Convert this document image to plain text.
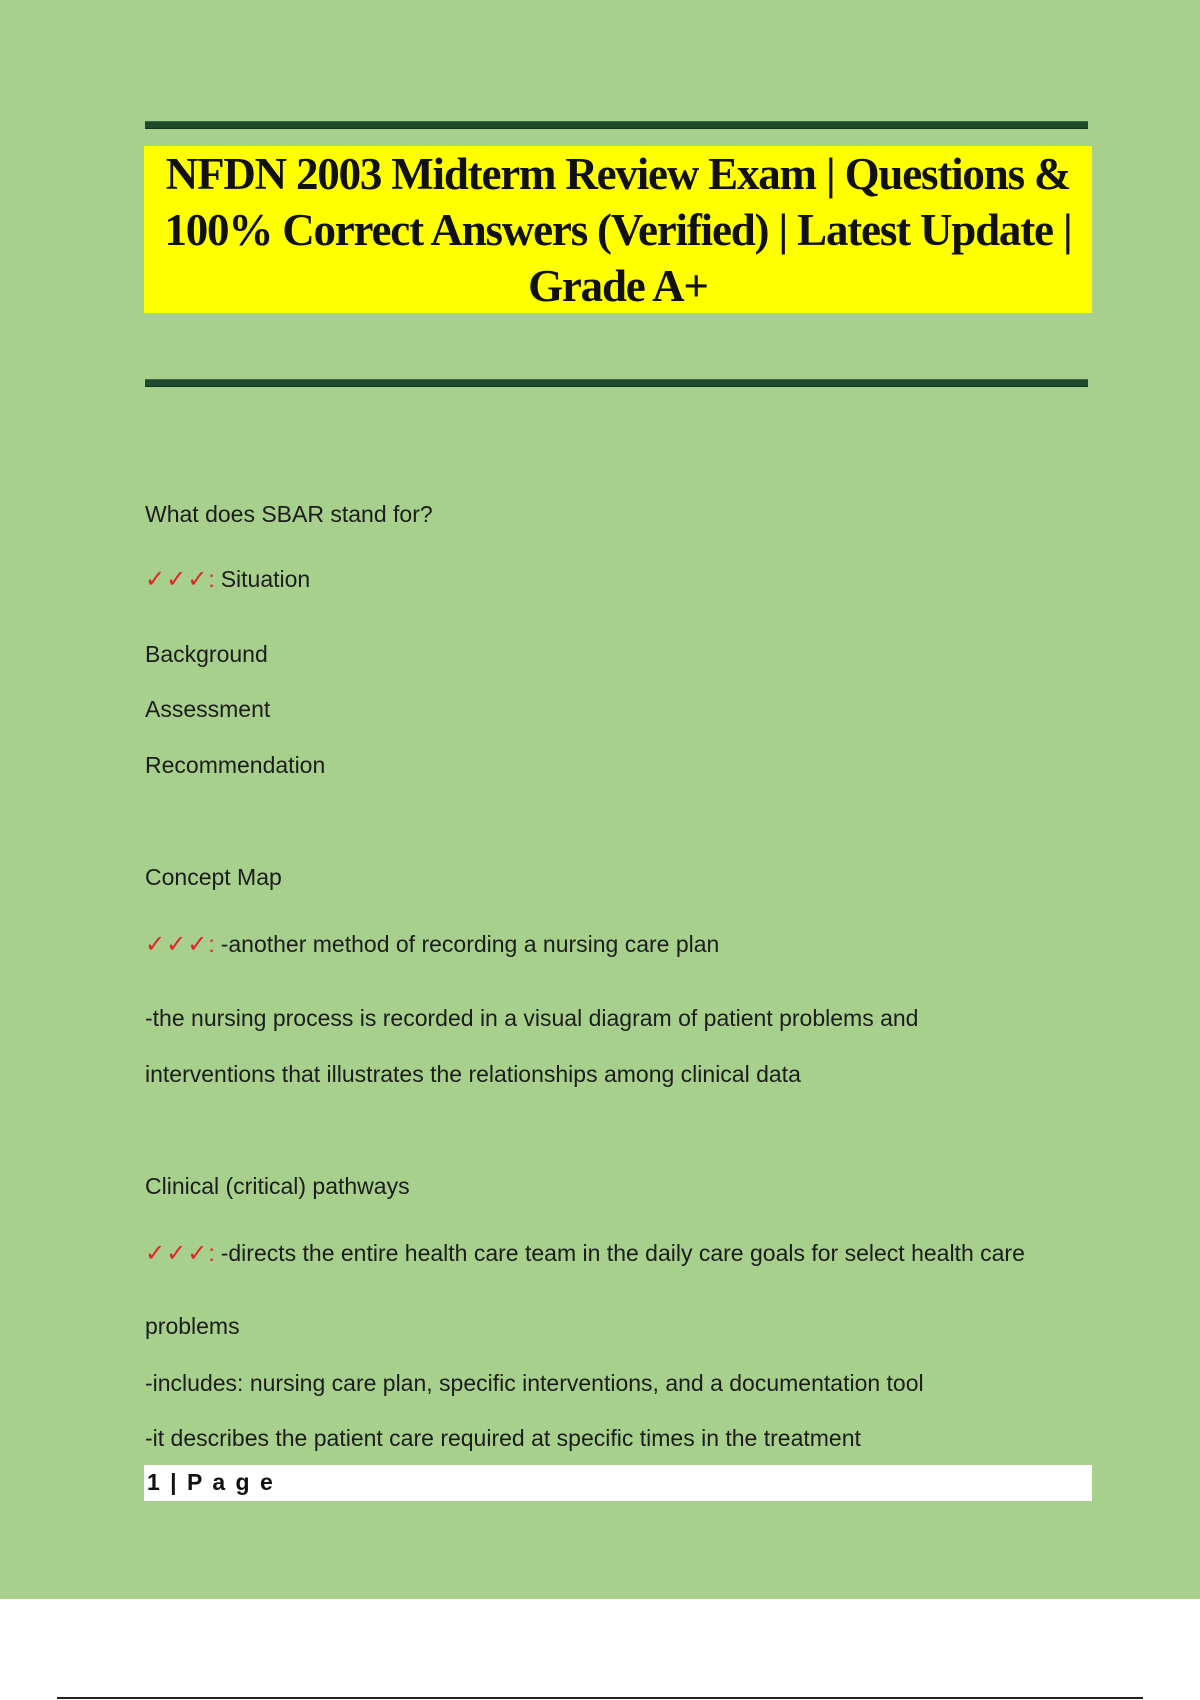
NFDN 2003 Midterm Review Exam | Questions & 100% Correct Answers (Verified) | Latest Update | Grade A+
What does SBAR stand for?
✓✓✓: Situation
Background
Assessment
Recommendation
Concept Map
✓✓✓: -another method of recording a nursing care plan
-the nursing process is recorded in a visual diagram of patient problems and
interventions that illustrates the relationships among clinical data
Clinical (critical) pathways
✓✓✓: -directs the entire health care team in the daily care goals for select health care
problems
-includes: nursing care plan, specific interventions, and a documentation tool
-it describes the patient care required at specific times in the treatment
1 | P a g e
